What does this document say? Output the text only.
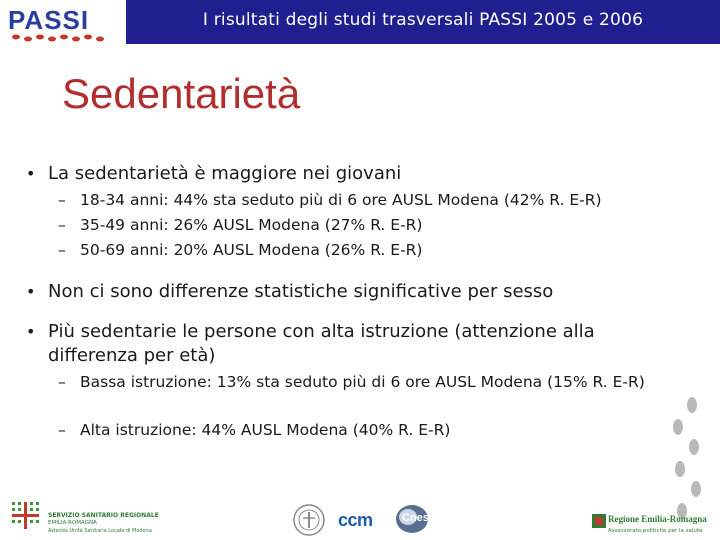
PASSI	I risultati degli studi trasversali PASSI 2005 e 2006
Sedentarietà
• La sedentarietà è maggiore nei giovani
– 18-34 anni: 44% sta seduto più di 6 ore AUSL Modena (42% R. E-R)
– 35-49 anni: 26% AUSL Modena (27% R. E-R)
– 50-69 anni: 20% AUSL Modena (26% R. E-R)
• Non ci sono differenze statistiche significative per sesso
• Più sedentarie le persone con alta istruzione (attenzione alla differenza per età)
– Bassa istruzione: 13% sta seduto più di 6 ore AUSL Modena (15% R. E-R)
– Alta istruzione: 44% AUSL Modena (40% R. E-R)
SERVIZIO SANITARIO REGIONALE
EMILIA-ROMAGNA
Azienda Unità Sanitaria Locale di Modena
ccm	Cnesps	Regione Emilia-Romagna
Assessorato politiche per la salute
